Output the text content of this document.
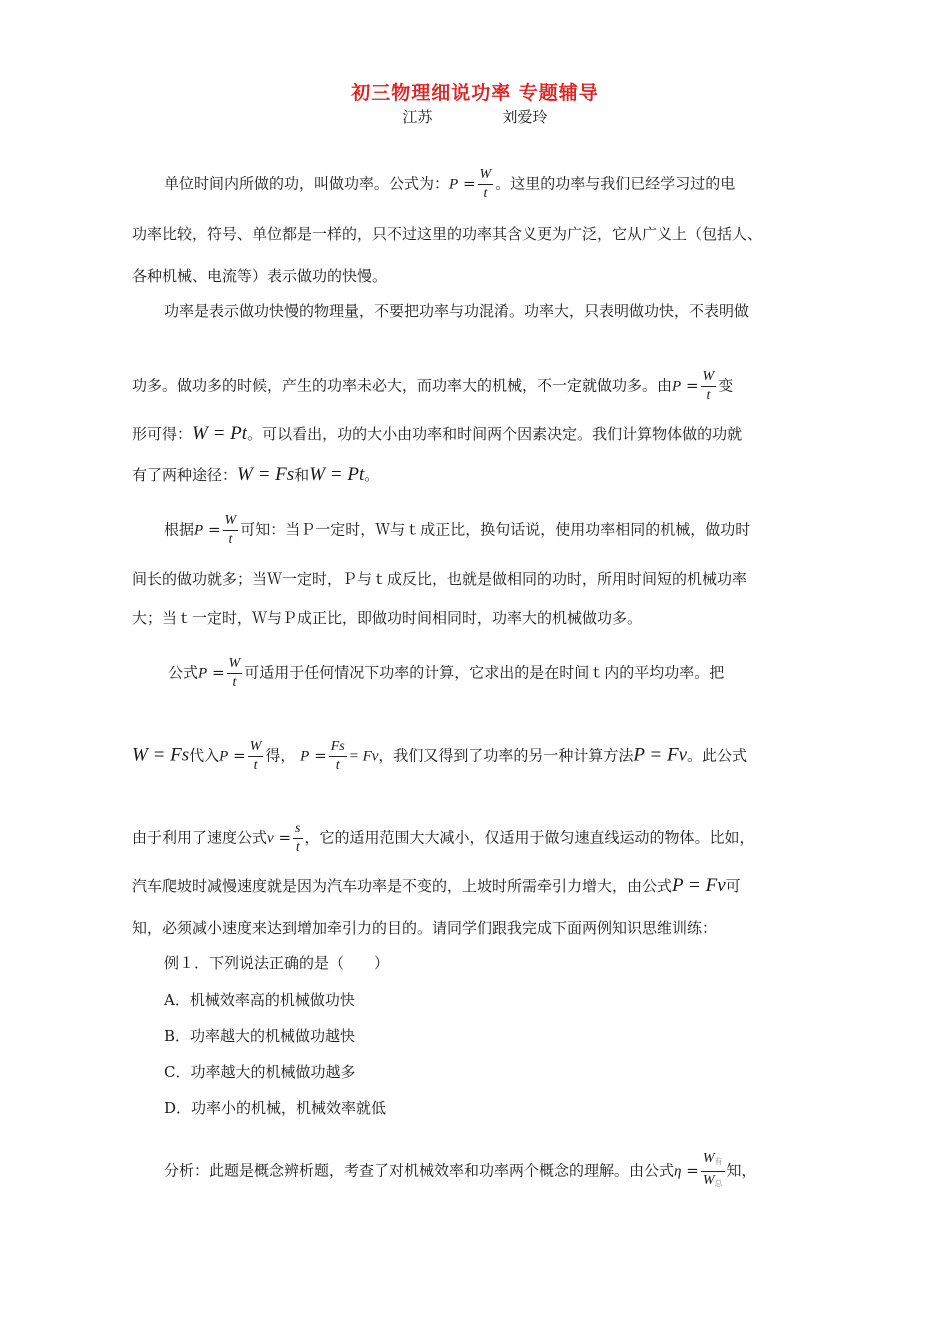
初三物理细说功率 专题辅导
江苏	刘爱玲
单位时间内所做的功，叫做功率。公式为：$P = \frac{W}{t}$ 。这里的功率与我们已经学习过的电
功率比较，符号、单位都是一样的，只不过这里的功率其含义更为广泛，它从广义上（包括人、
各种机械、电流等）表示做功的快慢。
功率是表示做功快慢的物理量，不要把功率与功混淆。功率大，只表明做功快，不表明做
功多。做功多的时候，产生的功率未必大，而功率大的机械，不一定就做功多。由$P = \frac{W}{t}$ 变
形可得：W = Pt。可以看出，功的大小由功率和时间两个因素决定。我们计算物体做的功就
有了两种途径：W = Fs和W = Pt。
根据$P = \frac{W}{t}$ 可知：当Ｐ一定时，Ｗ与ｔ成正比，换句话说，使用功率相同的机械，做功时
间长的做功就多；当Ｗ一定时，Ｐ与ｔ成反比，也就是做相同的功时，所用时间短的机械功率
大；当ｔ一定时，Ｗ与Ｐ成正比，即做功时间相同时，功率大的机械做功多。
公式$P = \frac{W}{t}$ 可适用于任何情况下功率的计算，它求出的是在时间ｔ内的平均功率。把
W = Fs代入$P = \frac{W}{t}$ 得， $P = \frac{Fs}{t} = Fv$，我们又得到了功率的另一种计算方法P = Fv。此公式
由于利用了速度公式$v = \frac{s}{t}$ ，它的适用范围大大减小，仅适用于做匀速直线运动的物体。比如，
汽车爬坡时减慢速度就是因为汽车功率是不变的，上坡时所需牵引力增大，由公式P = Fv可
知，必须减小速度来达到增加牵引力的目的。请同学们跟我完成下面两例知识思维训练：
例１．下列说法正确的是（　　）
A．机械效率高的机械做功快
B．功率越大的机械做功越快
C．功率越大的机械做功越多
D．功率小的机械，机械效率就低
分析：此题是概念辨析题，考查了对机械效率和功率两个概念的理解。由公式$\eta = \frac{W_有}{W_总}$ 知，
